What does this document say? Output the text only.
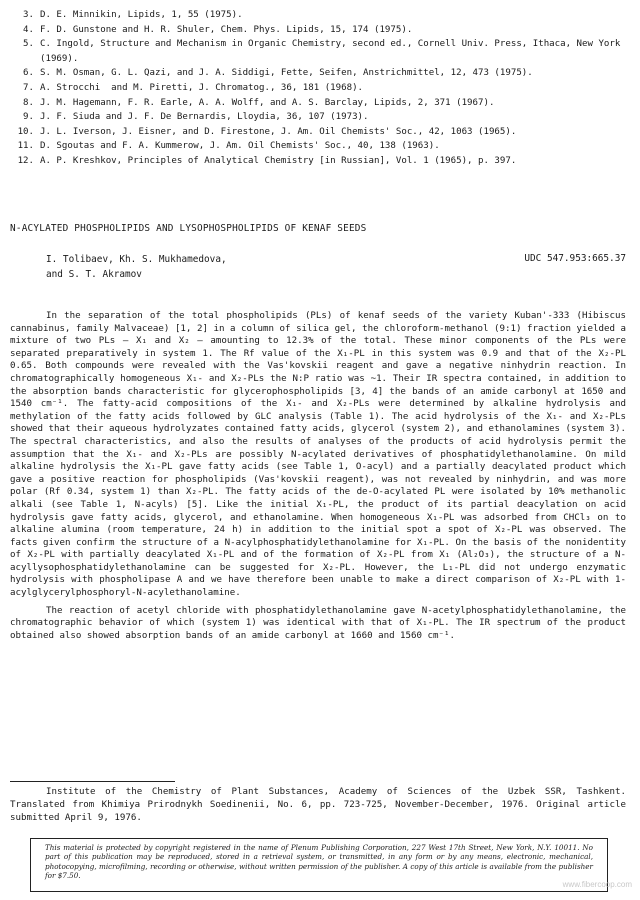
3. D. E. Minnikin, Lipids, 1, 55 (1975).
4. F. D. Gunstone and H. R. Shuler, Chem. Phys. Lipids, 15, 174 (1975).
5. C. Ingold, Structure and Mechanism in Organic Chemistry, second ed., Cornell Univ. Press, Ithaca, New York (1969).
6. S. M. Osman, G. L. Qazi, and J. A. Siddigi, Fette, Seifen, Anstrichmittel, 12, 473 (1975).
7. A. Strocchi  and M. Piretti, J. Chromatog., 36, 181 (1968).
8. J. M. Hagemann, F. R. Earle, A. A. Wolff, and A. S. Barclay, Lipids, 2, 371 (1967).
9. J. F. Siuda and J. F. De Bernardis, Lloydia, 36, 107 (1973).
10. J. L. Iverson, J. Eisner, and D. Firestone, J. Am. Oil Chemists' Soc., 42, 1063 (1965).
11. D. Sgoutas and F. A. Kummerow, J. Am. Oil Chemists' Soc., 40, 138 (1963).
12. A. P. Kreshkov, Principles of Analytical Chemistry [in Russian], Vol. 1 (1965), p. 397.
N-ACYLATED PHOSPHOLIPIDS AND LYSOPHOSPHOLIPIDS OF KENAF SEEDS
I. Tolibaev, Kh. S. Mukhamedova,
and S. T. Akramov
UDC 547.953:665.37

In the separation of the total phospholipids (PLs) of kenaf seeds of the variety Kuban'-333 (Hibiscus cannabinus, family Malvaceae) [1, 2] in a column of silica gel, the chloroform-methanol (9:1) fraction yielded a mixture of two PLs — X₁ and X₂ — amounting to 12.3% of the total. These minor components of the PLs were separated preparatively in system 1. The Rf value of the X₁-PL in this system was 0.9 and that of the X₂-PL 0.65. Both compounds were revealed with the Vas'kovskii reagent and gave a negative ninhydrin reaction. In chromatographically homogeneous X₁- and X₂-PLs the N:P ratio was ~1. Their IR spectra contained, in addition to the absorption bands characteristic for glycerophospholipids [3, 4] the bands of an amide carbonyl at 1650 and 1540 cm⁻¹. The fatty-acid compositions of the X₁- and X₂-PLs were determined by alkaline hydrolysis and methylation of the fatty acids followed by GLC analysis (Table 1). The acid hydrolysis of the X₁- and X₂-PLs showed that their aqueous hydrolyzates contained fatty acids, glycerol (system 2), and ethanolamines (system 3). The spectral characteristics, and also the results of analyses of the products of acid hydrolysis permit the assumption that the X₁- and X₂-PLs are possibly N-acylated derivatives of phosphatidylethanolamine. On mild alkaline hydrolysis the X₁-PL gave fatty acids (see Table 1, O-acyl) and a partially deacylated product which gave a positive reaction for phospholipids (Vas'kovskii reagent), was not revealed by ninhydrin, and was more polar (Rf 0.34, system 1) than X₂-PL. The fatty acids of the de-O-acylated PL were isolated by 10% methanolic alkali (see Table 1, N-acyls) [5]. Like the initial X₁-PL, the product of its partial deacylation on acid hydrolysis gave fatty acids, glycerol, and ethanolamine. When homogeneous X₁-PL was adsorbed from CHCl₃ on to alkaline alumina (room temperature, 24 h) in addition to the initial spot a spot of X₂-PL was observed. The facts given confirm the structure of a N-acylphosphatidylethanolamine for X₁-PL. On the basis of the nonidentity of X₂-PL with partially deacylated X₁-PL and of the formation of X₂-PL from X₁ (Al₂O₃), the structure of a N-acyllysophosphatidylethanolamine can be suggested for X₂-PL. However, the L₁-PL did not undergo enzymatic hydrolysis with phospholipase A and we have therefore been unable to make a direct comparison of X₂-PL with 1-acylglycerylphosphoryl-N-acylethanolamine.

The reaction of acetyl chloride with phosphatidylethanolamine gave N-acetylphosphatidylethanolamine, the chromatographic behavior of which (system 1) was identical with that of X₁-PL. The IR spectrum of the product obtained also showed absorption bands of an amide carbonyl at 1660 and 1560 cm⁻¹.

Institute of the Chemistry of Plant Substances, Academy of Sciences of the Uzbek SSR, Tashkent. Translated from Khimiya Prirodnykh Soedinenii, No. 6, pp. 723-725, November-December, 1976. Original article submitted April 9, 1976.
This material is protected by copyright registered in the name of Plenum Publishing Corporation, 227 West 17th Street, New York, N.Y. 10011. No part of this publication may be reproduced, stored in a retrieval system, or transmitted, in any form or by any means, electronic, mechanical, photocopying, microfilming, recording or otherwise, without written permission of the publisher. A copy of this article is available from the publisher for $7.50.
www.fibercoop.com
